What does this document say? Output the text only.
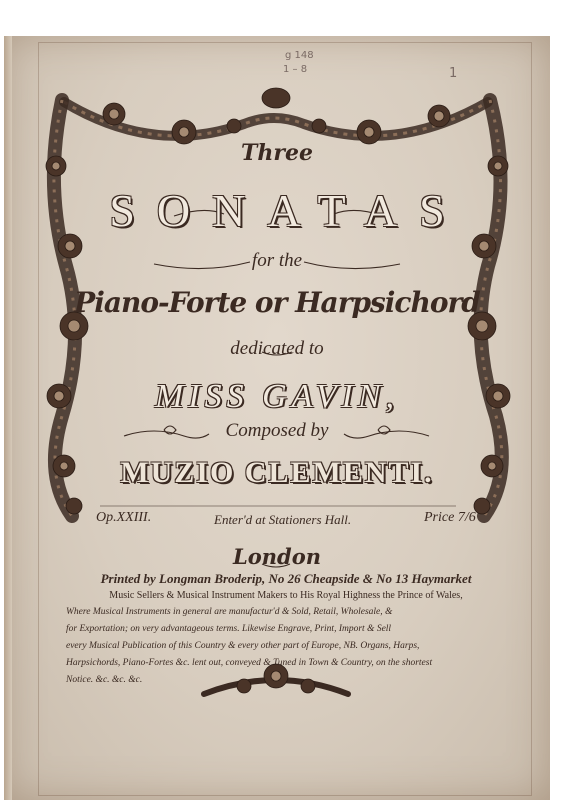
g 148
1 – 8	1
Three
SONATAS
for the
Piano-Forte or Harpsichord
dedicated to
MISS GAVIN,
Composed by
MUZIO CLEMENTI.
Op.XXIII.	Enter'd at Stationers Hall.	Price 7/6
London
Printed by Longman Broderip, No 26 Cheapside & No 13 Haymarket
Music Sellers & Musical Instrument Makers to His Royal Highness the Prince of Wales,
Where Musical Instruments in general are manufactur'd & Sold, Retail, Wholesale, &
for Exportation; on very advantageous terms. Likewise Engrave, Print, Import & Sell
every Musical Publication of this Country & every other part of Europe, NB. Organs, Harps,
Harpsichords, Piano-Fortes &c. lent out, conveyed & Tuned in Town & Country, on the shortest
Notice. &c. &c. &c.
